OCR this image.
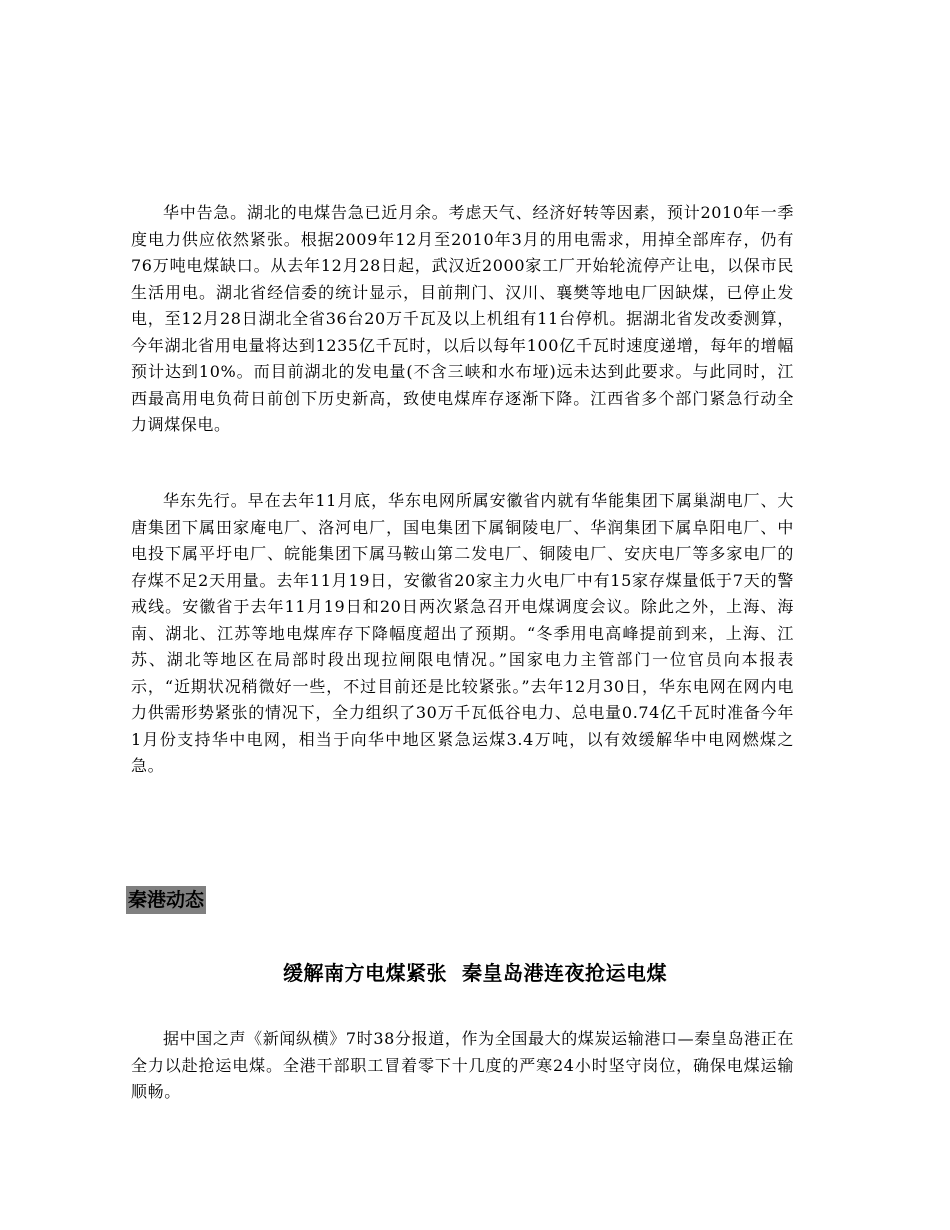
华中告急。湖北的电煤告急已近月余。考虑天气、经济好转等因素，预计2010年一季度电力供应依然紧张。根据2009年12月至2010年3月的用电需求，用掉全部库存，仍有76万吨电煤缺口。从去年12月28日起，武汉近2000家工厂开始轮流停产让电，以保市民生活用电。湖北省经信委的统计显示，目前荆门、汉川、襄樊等地电厂因缺煤，已停止发电，至12月28日湖北全省36台20万千瓦及以上机组有11台停机。据湖北省发改委测算，今年湖北省用电量将达到1235亿千瓦时，以后以每年100亿千瓦时速度递增，每年的增幅预计达到10%。而目前湖北的发电量(不含三峡和水布垭)远未达到此要求。与此同时，江西最高用电负荷日前创下历史新高，致使电煤库存逐渐下降。江西省多个部门紧急行动全力调煤保电。

华东先行。早在去年11月底，华东电网所属安徽省内就有华能集团下属巢湖电厂、大唐集团下属田家庵电厂、洛河电厂，国电集团下属铜陵电厂、华润集团下属阜阳电厂、中电投下属平圩电厂、皖能集团下属马鞍山第二发电厂、铜陵电厂、安庆电厂等多家电厂的存煤不足2天用量。去年11月19日，安徽省20家主力火电厂中有15家存煤量低于7天的警戒线。安徽省于去年11月19日和20日两次紧急召开电煤调度会议。除此之外，上海、海南、湖北、江苏等地电煤库存下降幅度超出了预期。“冬季用电高峰提前到来，上海、江苏、湖北等地区在局部时段出现拉闸限电情况。”国家电力主管部门一位官员向本报表示，“近期状况稍微好一些，不过目前还是比较紧张。”去年12月30日，华东电网在网内电力供需形势紧张的情况下，全力组织了30万千瓦低谷电力、总电量0.74亿千瓦时准备今年1月份支持华中电网，相当于向华中地区紧急运煤3.4万吨，以有效缓解华中电网燃煤之急。

秦港动态
缓解南方电煤紧张  秦皇岛港连夜抢运电煤

据中国之声《新闻纵横》7时38分报道，作为全国最大的煤炭运输港口—秦皇岛港正在全力以赴抢运电煤。全港干部职工冒着零下十几度的严寒24小时坚守岗位，确保电煤运输顺畅。
